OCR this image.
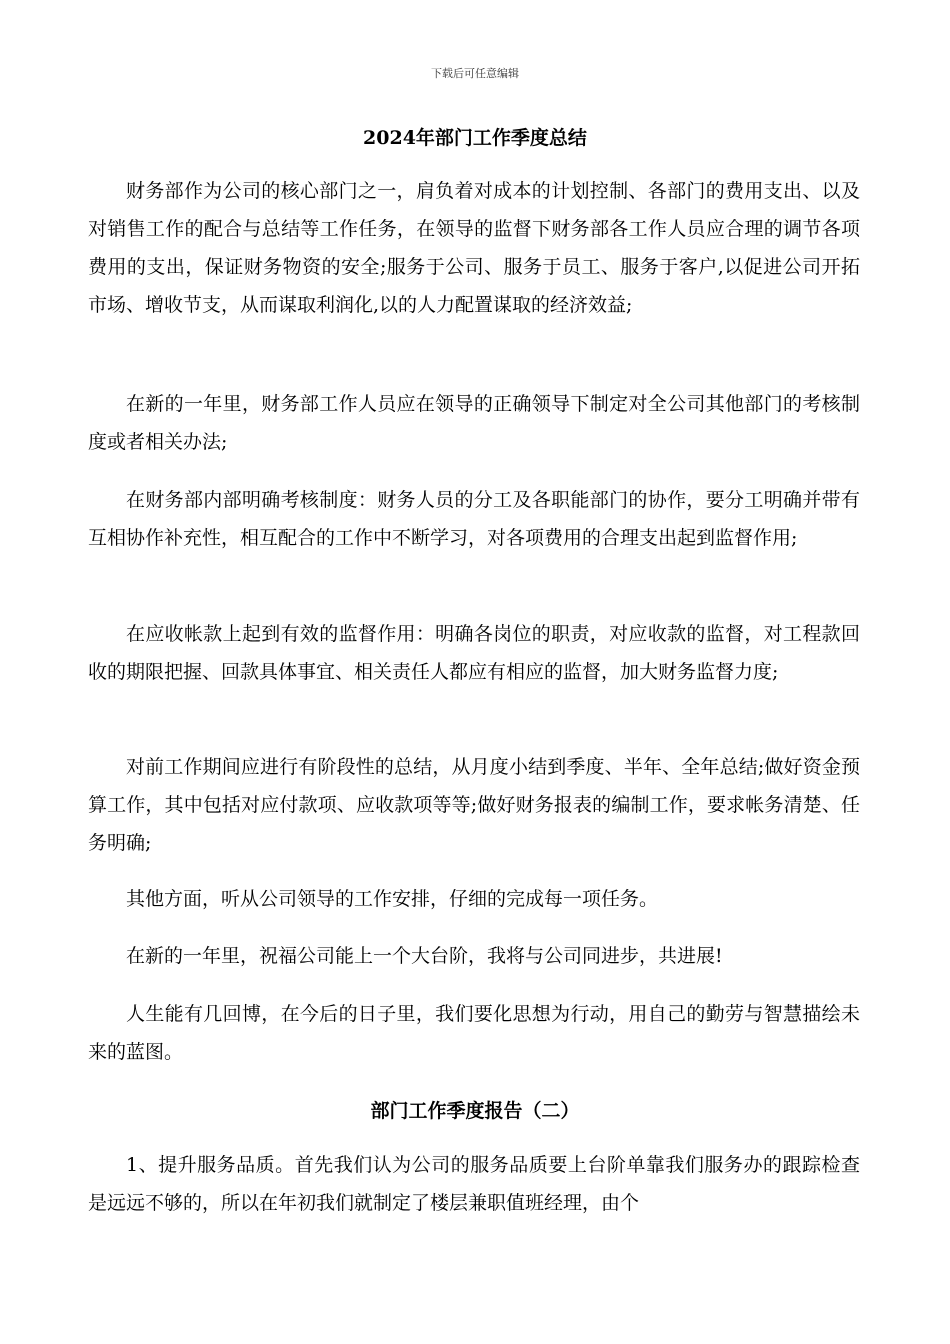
下载后可任意编辑
2024年部门工作季度总结

财务部作为公司的核心部门之一，肩负着对成本的计划控制、各部门的费用支出、以及对销售工作的配合与总结等工作任务，在领导的监督下财务部各工作人员应合理的调节各项费用的支出，保证财务物资的安全;服务于公司、服务于员工、服务于客户,以促进公司开拓市场、增收节支，从而谋取利润化,以的人力配置谋取的经济效益;

在新的一年里，财务部工作人员应在领导的正确领导下制定对全公司其他部门的考核制度或者相关办法;

在财务部内部明确考核制度：财务人员的分工及各职能部门的协作，要分工明确并带有互相协作补充性，相互配合的工作中不断学习，对各项费用的合理支出起到监督作用;

在应收帐款上起到有效的监督作用：明确各岗位的职责，对应收款的监督，对工程款回收的期限把握、回款具体事宜、相关责任人都应有相应的监督，加大财务监督力度;

对前工作期间应进行有阶段性的总结，从月度小结到季度、半年、全年总结;做好资金预算工作，其中包括对应付款项、应收款项等等;做好财务报表的编制工作，要求帐务清楚、任务明确;

其他方面，听从公司领导的工作安排，仔细的完成每一项任务。

在新的一年里，祝福公司能上一个大台阶，我将与公司同进步，共进展!

人生能有几回博，在今后的日子里，我们要化思想为行动，用自己的勤劳与智慧描绘未来的蓝图。

部门工作季度报告（二）

1、提升服务品质。首先我们认为公司的服务品质要上台阶单靠我们服务办的跟踪检查是远远不够的，所以在年初我们就制定了楼层兼职值班经理，由个
